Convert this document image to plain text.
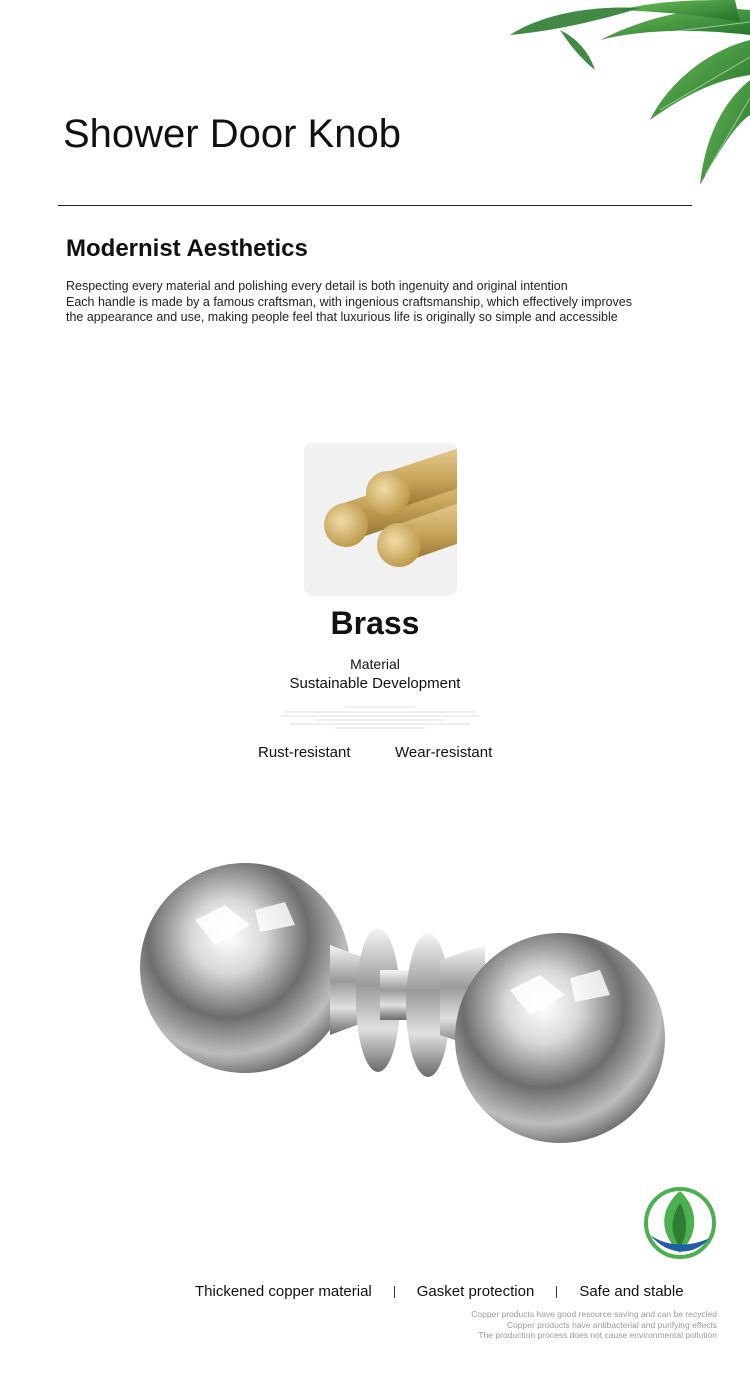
Shower Door Knob
Modernist Aesthetics
Respecting every material and polishing every detail is both ingenuity and original intention
Each handle is made by a famous craftsman, with ingenious craftsmanship, which effectively improves
the appearance and use, making people feel that luxurious life is originally so simple and accessible
Brass
Material
Sustainable Development
Rust-resistant	Wear-resistant
Thickened copper material	Gasket protection	Safe and stable
Copper products have good resource saving and can be recycled
Copper products have antibacterial and purifying effects
The production process does not cause environmental pollution
